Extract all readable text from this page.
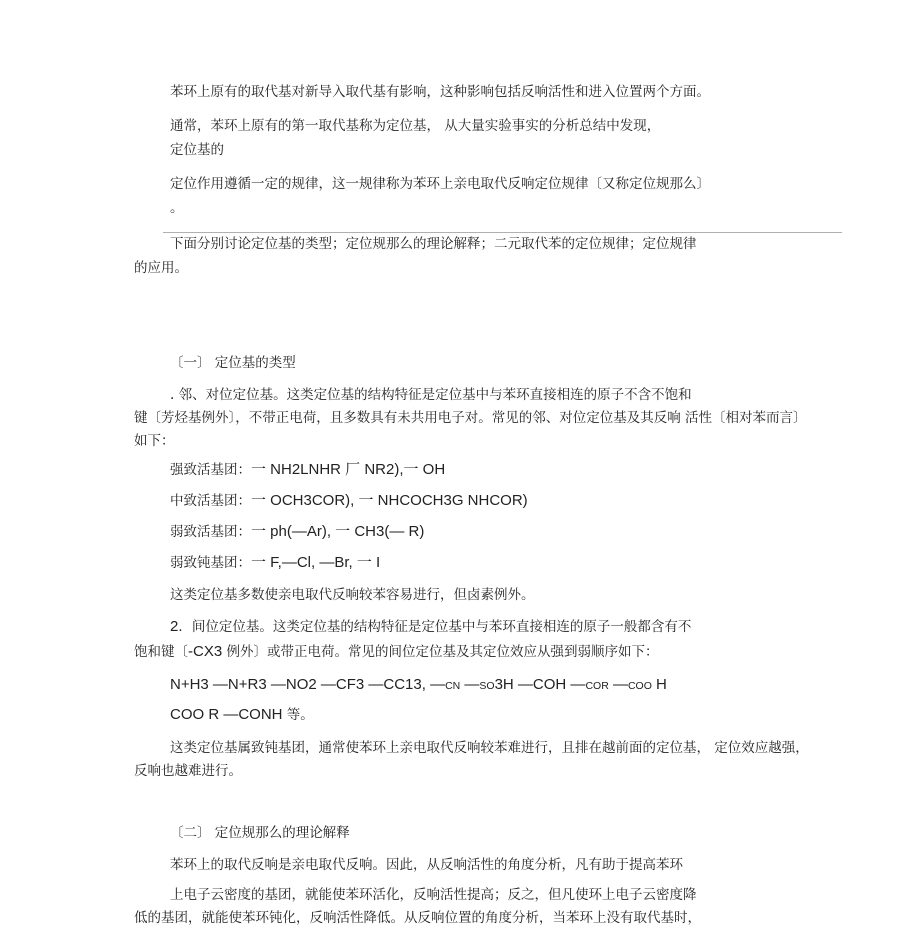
苯环上原有的取代基对新导入取代基有影响，这种影响包括反响活性和进入位置两个方面。
通常，苯环上原有的第一取代基称为定位基， 从大量实验事实的分析总结中发现，
定位基的
定位作用遵循一定的规律，这一规律称为苯环上亲电取代反响定位规律〔又称定位规那么〕
。
下面分别讨论定位基的类型；定位规那么的理论解释；二元取代苯的定位规律；定位规律
的应用。
〔一〕 定位基的类型
. 邻、对位定位基。这类定位基的结构特征是定位基中与苯环直接相连的原子不含不饱和
键〔芳烃基例外〕，不带正电荷，且多数具有未共用电子对。常见的邻、对位定位基及其反响 活性〔相对苯而言〕
如下：
强致活基团：一 NH2LNHR 厂 NR2),一 OH
中致活基团：一 OCH3COR), 一 NHCOCH3G NHCOR)
弱致活基团：一 ph(—Ar), 一 CH3(— R)
弱致钝基团：一 F,—Cl, —Br, 一 I
这类定位基多数使亲电取代反响较苯容易进行，但卤素例外。
2．间位定位基。这类定位基的结构特征是定位基中与苯环直接相连的原子一般都含有不
饱和键〔-CX3 例外〕或带正电荷。常见的间位定位基及其定位效应从强到弱顺序如下：
N+H3 —N+R3 —NO2 —CF3 —CC13, —CN —SO3H —COH —COR —COO H
COO R —CONH 等。
这类定位基属致钝基团，通常使苯环上亲电取代反响较苯难进行，且排在越前面的定位基， 定位效应越强，
反响也越难进行。
〔二〕 定位规那么的理论解释
苯环上的取代反响是亲电取代反响。因此，从反响活性的角度分析，凡有助于提高苯环
上电子云密度的基团，就能使苯环活化，反响活性提高；反之，但凡使环上电子云密度降
低的基团，就能使苯环钝化，反响活性降低。从反响位置的角度分析，当苯环上没有取代基时，
